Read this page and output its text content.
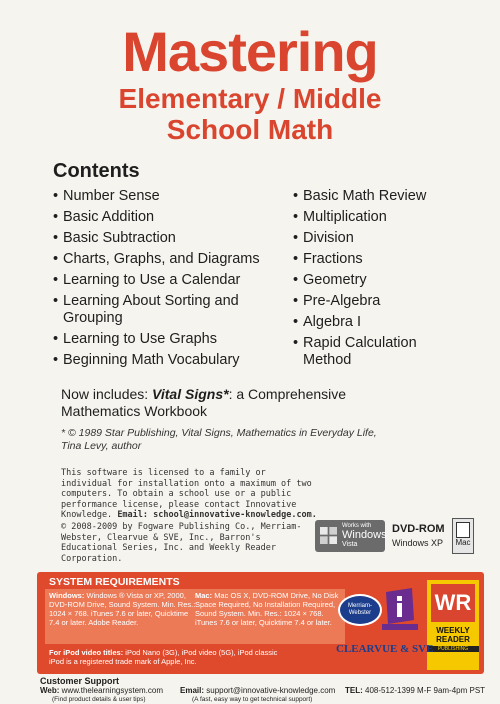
Mastering
Elementary / Middle
School Math
Contents
• Number Sense
• Basic Addition
• Basic Subtraction
• Charts, Graphs, and Diagrams
• Learning to Use a Calendar
• Learning About Sorting and Grouping
• Learning to Use Graphs
• Beginning Math Vocabulary
• Basic Math Review
• Multiplication
• Division
• Fractions
• Geometry
• Pre-Algebra
• Algebra I
• Rapid Calculation Method
Now includes: Vital Signs*: a Comprehensive Mathematics Workbook
* © 1989 Star Publishing, Vital Signs, Mathematics in Everyday Life, Tina Levy, author
This software is licensed to a family or individual for installation onto a maximum of two computers. To obtain a school use or a public performance license, please contact Innovative Knowledge. Email: school@innovative-knowledge.com.
© 2008-2009 by Fogware Publishing Co., Merriam-Webster, Clearvue & SVE, Inc., Barron's Educational Series, Inc. and Weekly Reader Corporation.
Works with
Windows
Vista
DVD-ROM
Windows XP	Mac
SYSTEM REQUIREMENTS
Windows: Windows ® Vista or XP, 2000, DVD-ROM Drive, Sound System. Min. Res.: 1024 × 768. iTunes 7.6 or later, Quicktime 7.4 or later. Adobe Reader.
Mac: Mac OS X, DVD-ROM Drive, No Disk Space Required, No Installation Required, Sound System. Min. Res.: 1024 × 768. iTunes 7.6 or later, Quicktime 7.4 or later.
For iPod video titles: iPod Nano (3G), iPod video (5G), iPod classic
iPod is a registered trade mark of Apple, Inc.
Merriam-Webster	WR
WEEKLY READER
PUBLISHING
CLEARVUE & SVE
Customer Support
Web: www.thelearningsystem.com
(Find product details & user tips)
Email: support@innovative-knowledge.com
(A fast, easy way to get technical support)
TEL: 408-512-1399 M-F 9am-4pm PST
